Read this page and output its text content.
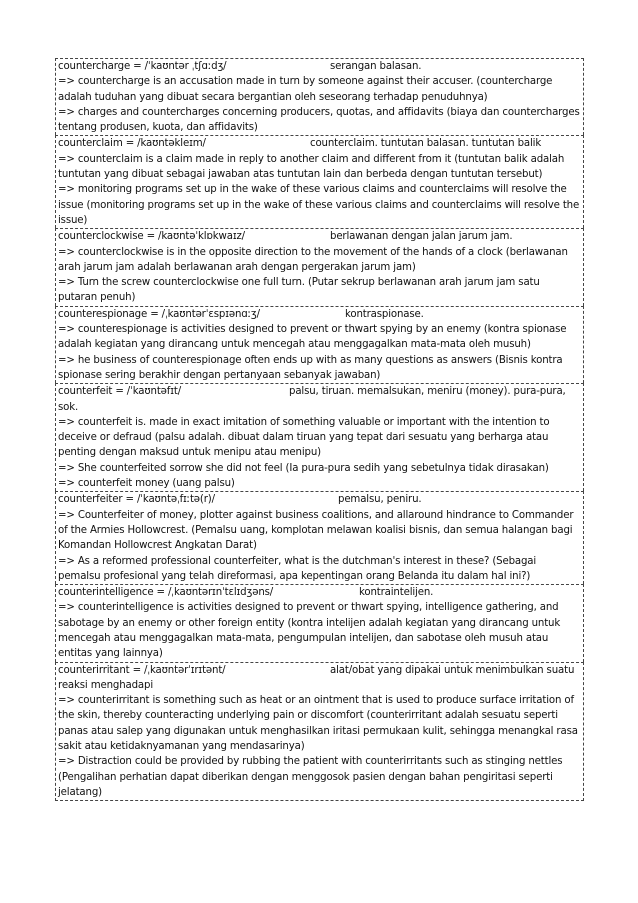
countercharge = /ˈkaʊntər ˌtʃɑːdʒ/	serangan balasan.
=> countercharge is an accusation made in turn by someone against their accuser. (countercharge adalah tuduhan yang dibuat secara bergantian oleh seseorang terhadap penuduhnya)
=> charges and countercharges concerning producers, quotas, and affidavits (biaya dan countercharges tentang produsen, kuota, dan affidavits)
counterclaim = /kaʊntəkleɪm/	counterclaim. tuntutan balasan. tuntutan balik
=> counterclaim is a claim made in reply to another claim and different from it (tuntutan balik adalah tuntutan yang dibuat sebagai jawaban atas tuntutan lain dan berbeda dengan tuntutan tersebut)
=> monitoring programs set up in the wake of these various claims and counterclaims will resolve the issue (monitoring programs set up in the wake of these various claims and counterclaims will resolve the issue)
counterclockwise = /kaʊntəˈklɒkwaɪz/	berlawanan dengan jalan jarum jam.
=> counterclockwise is in the opposite direction to the movement of the hands of a clock (berlawanan arah jarum jam adalah berlawanan arah dengan pergerakan jarum jam)
=> Turn the screw counterclockwise one full turn. (Putar sekrup berlawanan arah jarum jam satu putaran penuh)
counterespionage = /ˌkaʊntərˈɛspɪənɑːʒ/	kontraspionase.
=> counterespionage is activities designed to prevent or thwart spying by an enemy (kontra spionase adalah kegiatan yang dirancang untuk mencegah atau menggagalkan mata-mata oleh musuh)
=> he business of counterespionage often ends up with as many questions as answers (Bisnis kontra spionase sering berakhir dengan pertanyaan sebanyak jawaban)
counterfeit = /ˈkaʊntəfɪt/	palsu, tiruan. memalsukan, meniru (money). pura-pura, sok.
=> counterfeit is. made in exact imitation of something valuable or important with the intention to deceive or defraud (palsu adalah. dibuat dalam tiruan yang tepat dari sesuatu yang berharga atau penting dengan maksud untuk menipu atau menipu)
=> She counterfeited sorrow she did not feel (Ia pura-pura sedih yang sebetulnya tidak dirasakan)
=> counterfeit money (uang palsu)
counterfeiter = /ˈkaʊntəˌfɪːtə(r)/	pemalsu, peniru.
=> Counterfeiter of money, plotter against business coalitions, and allaround hindrance to Commander of the Armies Hollowcrest. (Pemalsu uang, komplotan melawan koalisi bisnis, dan semua halangan bagi Komandan Hollowcrest Angkatan Darat)
=> As a reformed professional counterfeiter, what is the dutchman's interest in these? (Sebagai pemalsu profesional yang telah direformasi, apa kepentingan orang Belanda itu dalam hal ini?)
counterintelligence = /ˌkaʊntərɪnˈtɛlɪdʒəns/	kontraintelijen.
=> counterintelligence is activities designed to prevent or thwart spying, intelligence gathering, and sabotage by an enemy or other foreign entity (kontra intelijen adalah kegiatan yang dirancang untuk mencegah atau menggagalkan mata-mata, pengumpulan intelijen, dan sabotase oleh musuh atau entitas yang lainnya)
counterirritant = /ˌkaʊntərˈɪrɪtənt/	alat/obat yang dipakai untuk menimbulkan suatu reaksi menghadapi
=> counterirritant is something such as heat or an ointment that is used to produce surface irritation of the skin, thereby counteracting underlying pain or discomfort (counterirritant adalah sesuatu seperti panas atau salep yang digunakan untuk menghasilkan iritasi permukaan kulit, sehingga menangkal rasa sakit atau ketidaknyamanan yang mendasarinya)
=> Distraction could be provided by rubbing the patient with counterirritants such as stinging nettles (Pengalihan perhatian dapat diberikan dengan menggosok pasien dengan bahan pengiritasi seperti jelatang)
